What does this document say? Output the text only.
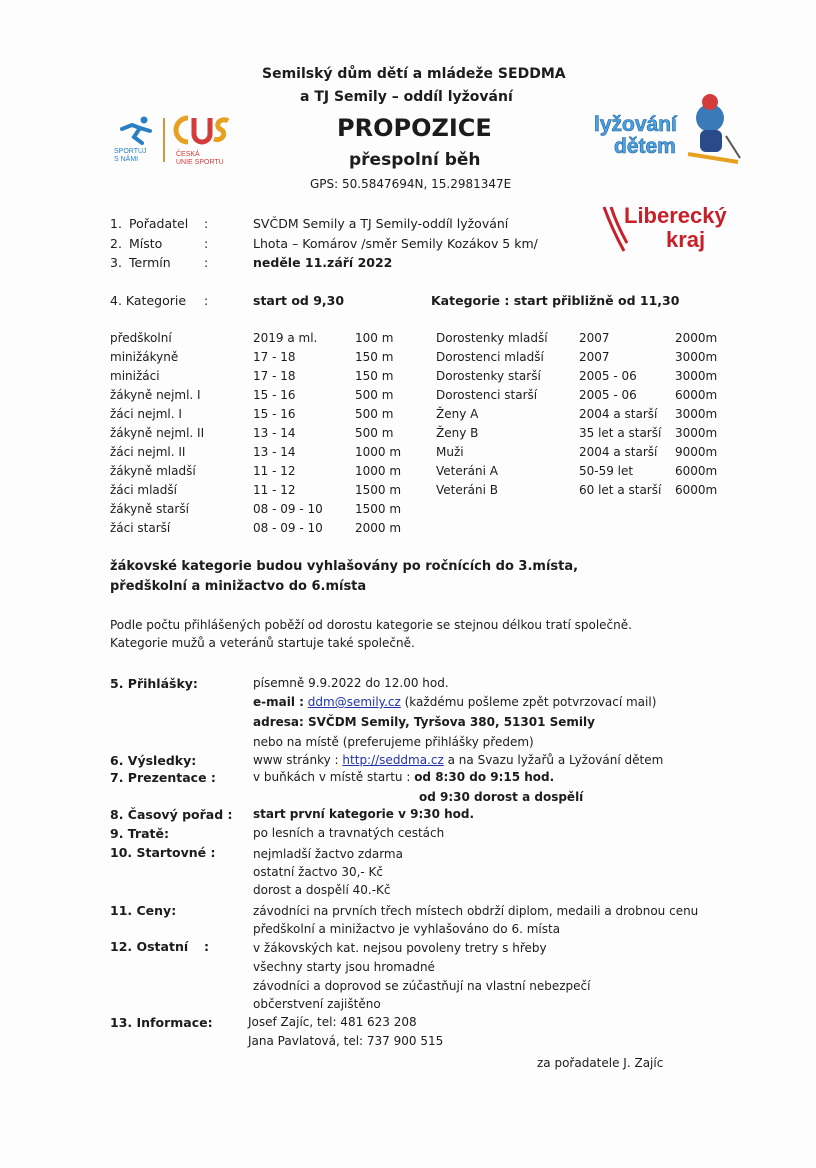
Semilský dům dětí a mládeže SEDDMA
a TJ Semily – oddíl lyžování
PROPOZICE
přespolní běh
GPS: 50.5847694N, 15.2981347E
SPORTUJ
S NÁMI
ČESKÁ
UNIE SPORTU
lyžování
dětem
Liberecký
kraj
1. Pořadatel :	SVČDM Semily a TJ Semily-oddíl lyžování
2. Místo	:	Lhota – Komárov /směr Semily Kozákov 5 km/
3. Termín	:	neděle 11.září 2022
4. Kategorie :	start od 9,30	Kategorie : start přibližně od 11,30
předškolní	2019 a ml.	100 m
minižákyně	17 - 18	150 m
minižáci	17 - 18	150 m
žákyně nejml. I	15 - 16	500 m
žáci nejml. I	15 - 16	500 m
žákyně nejml. II	13 - 14	500 m
žáci nejml. II	13 - 14	1000 m
žákyně mladší	11 - 12	1000 m
žáci mladší	11 - 12	1500 m
žákyně starší	08 - 09 - 10	1500 m
žáci starší	08 - 09 - 10	2000 m
Dorostenky mladší	2007	2000m
Dorostenci mladší	2007	3000m
Dorostenky starší	2005 - 06	3000m
Dorostenci starší	2005 - 06	6000m
Ženy A	2004 a starší 3000m
Ženy B	35 let a starší 3000m
Muži	2004 a starší 9000m
Veteráni A	50-59 let	6000m
Veteráni B	60 let a starší 6000m
žákovské kategorie budou vyhlašovány po ročnících do 3.místa,
předškolní a minižactvo do 6.místa
Podle počtu přihlášených poběží od dorostu kategorie se stejnou délkou tratí společně.
Kategorie mužů a veteránů startuje také společně.
5. Přihlášky:	písemně 9.9.2022 do 12.00 hod.
e-mail : ddm@semily.cz (každému pošleme zpět potvrzovací mail)
adresa: SVČDM Semily, Tyršova 380, 51301 Semily
nebo na místě (preferujeme přihlášky předem)
6. Výsledky:	www stránky : http://seddma.cz a na Svazu lyžařů a Lyžování dětem
7. Prezentace :	v buňkách v místě startu : od 8:30 do 9:15 hod.
od 9:30 dorost a dospělí
8. Časový pořad : start první kategorie v 9:30 hod.
9. Tratě:	po lesních a travnatých cestách
10. Startovné :	nejmladší žactvo zdarma
ostatní žactvo 30,- Kč
dorost a dospělí 40.-Kč
11. Ceny:	závodníci na prvních třech místech obdrží diplom, medaili a drobnou cenu
předškolní a minižactvo je vyhlašováno do 6. místa
12. Ostatní :	v žákovských kat. nejsou povoleny tretry s hřeby
všechny starty jsou hromadné
závodníci a doprovod se zúčastňují na vlastní nebezpečí
občerstvení zajištěno
13. Informace:	Josef Zajíc, tel: 481 623 208
Jana Pavlatová, tel: 737 900 515
za pořadatele J. Zajíc
